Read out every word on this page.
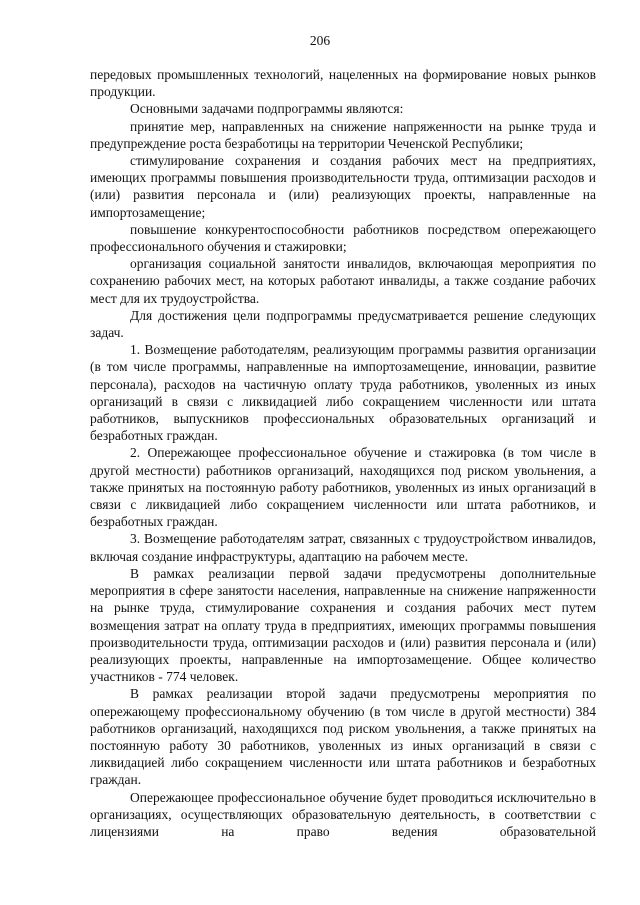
206

передовых промышленных технологий, нацеленных на формирование новых рынков продукции.

Основными задачами подпрограммы являются:

принятие мер, направленных на снижение напряженности на рынке труда и предупреждение роста безработицы на территории Чеченской Республики;

стимулирование сохранения и создания рабочих мест на предприятиях, имеющих программы повышения производительности труда, оптимизации расходов и (или) развития персонала и (или) реализующих проекты, направленные на импортозамещение;

повышение конкурентоспособности работников посредством опережающего профессионального обучения и стажировки;

организация социальной занятости инвалидов, включающая мероприятия по сохранению рабочих мест, на которых работают инвалиды, а также создание рабочих мест для их трудоустройства.

Для достижения цели подпрограммы предусматривается решение следующих задач.

1. Возмещение работодателям, реализующим программы развития организации (в том числе программы, направленные на импортозамещение, инновации, развитие персонала), расходов на частичную оплату труда работников, уволенных из иных организаций в связи с ликвидацией либо сокращением численности или штата работников, выпускников профессиональных образовательных организаций и безработных граждан.

2. Опережающее профессиональное обучение и стажировка (в том числе в другой местности) работников организаций, находящихся под риском увольнения, а также принятых на постоянную работу работников, уволенных из иных организаций в связи с ликвидацией либо сокращением численности или штата работников, и безработных граждан.

3. Возмещение работодателям затрат, связанных с трудоустройством инвалидов, включая создание инфраструктуры, адаптацию на рабочем месте.

В рамках реализации первой задачи предусмотрены дополнительные мероприятия в сфере занятости населения, направленные на снижение напряженности на рынке труда, стимулирование сохранения и создания рабочих мест путем возмещения затрат на оплату труда в предприятиях, имеющих программы повышения производительности труда, оптимизации расходов и (или) развития персонала и (или) реализующих проекты, направленные на импортозамещение. Общее количество участников - 774 человек.

В рамках реализации второй задачи предусмотрены мероприятия по опережающему профессиональному обучению (в том числе в другой местности) 384 работников организаций, находящихся под риском увольнения, а также принятых на постоянную работу 30 работников, уволенных из иных организаций в связи с ликвидацией либо сокращением численности или штата работников и безработных граждан.

Опережающее профессиональное обучение будет проводиться исключительно в организациях, осуществляющих образовательную деятельность, в соответствии с лицензиями на право ведения образовательной
